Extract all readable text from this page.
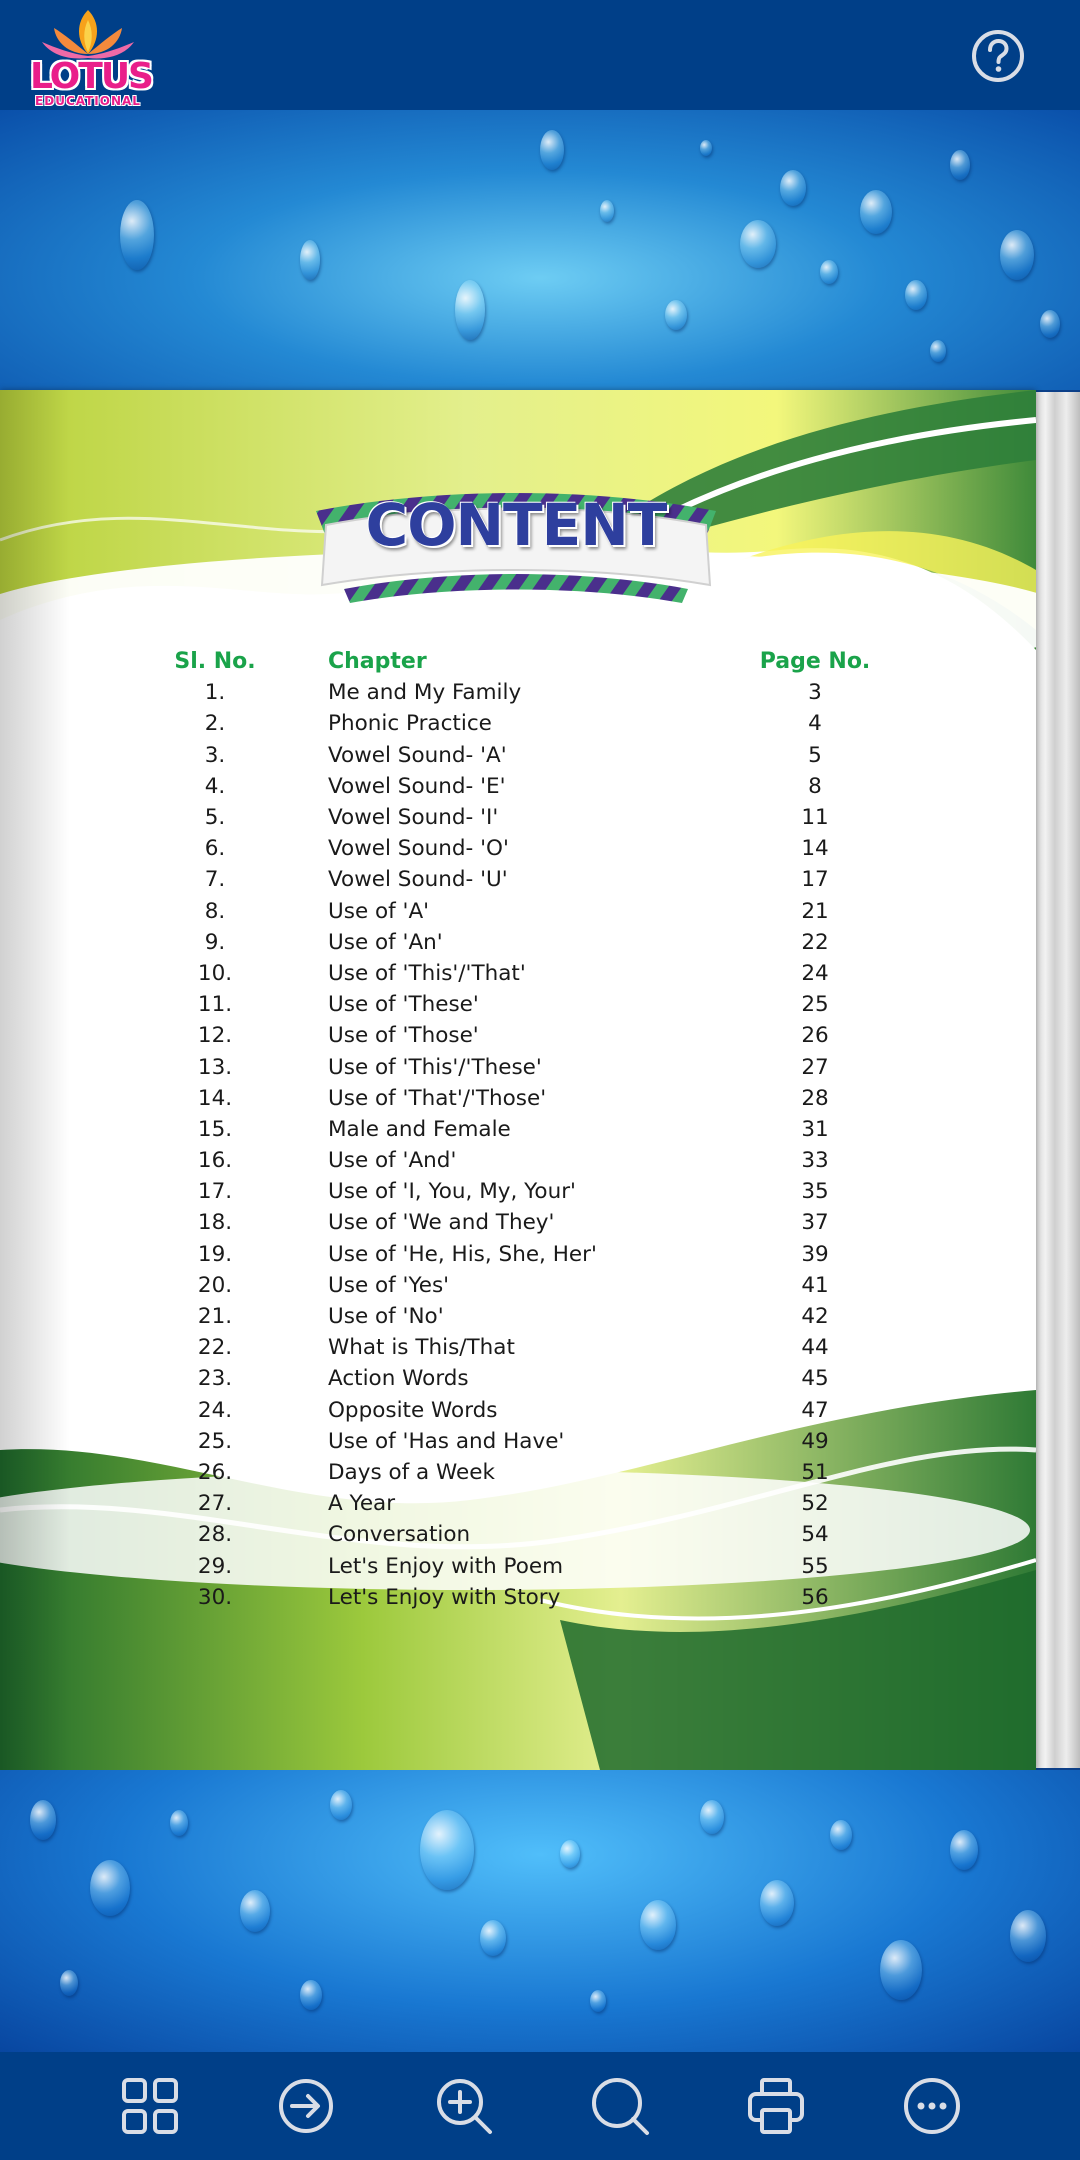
LOTUS
EDUCATIONAL
CONTENT
Sl. No.	Chapter	Page No.
1.	Me and My Family	3
2.	Phonic Practice	4
3.	Vowel Sound- 'A'	5
4.	Vowel Sound- 'E'	8
5.	Vowel Sound- 'I'	11
6.	Vowel Sound- 'O'	14
7.	Vowel Sound- 'U'	17
8.	Use of 'A'	21
9.	Use of 'An'	22
10.	Use of 'This'/'That'	24
11.	Use of 'These'	25
12.	Use of 'Those'	26
13.	Use of 'This'/'These'	27
14.	Use of 'That'/'Those'	28
15.	Male and Female	31
16.	Use of 'And'	33
17.	Use of 'I, You, My, Your'	35
18.	Use of 'We and They'	37
19.	Use of 'He, His, She, Her'	39
20.	Use of 'Yes'	41
21.	Use of 'No'	42
22.	What is This/That	44
23.	Action Words	45
24.	Opposite Words	47
25.	Use of 'Has and Have'	49
26.	Days of a Week	51
27.	A Year	52
28.	Conversation	54
29.	Let's Enjoy with Poem	55
30.	Let's Enjoy with Story	56
